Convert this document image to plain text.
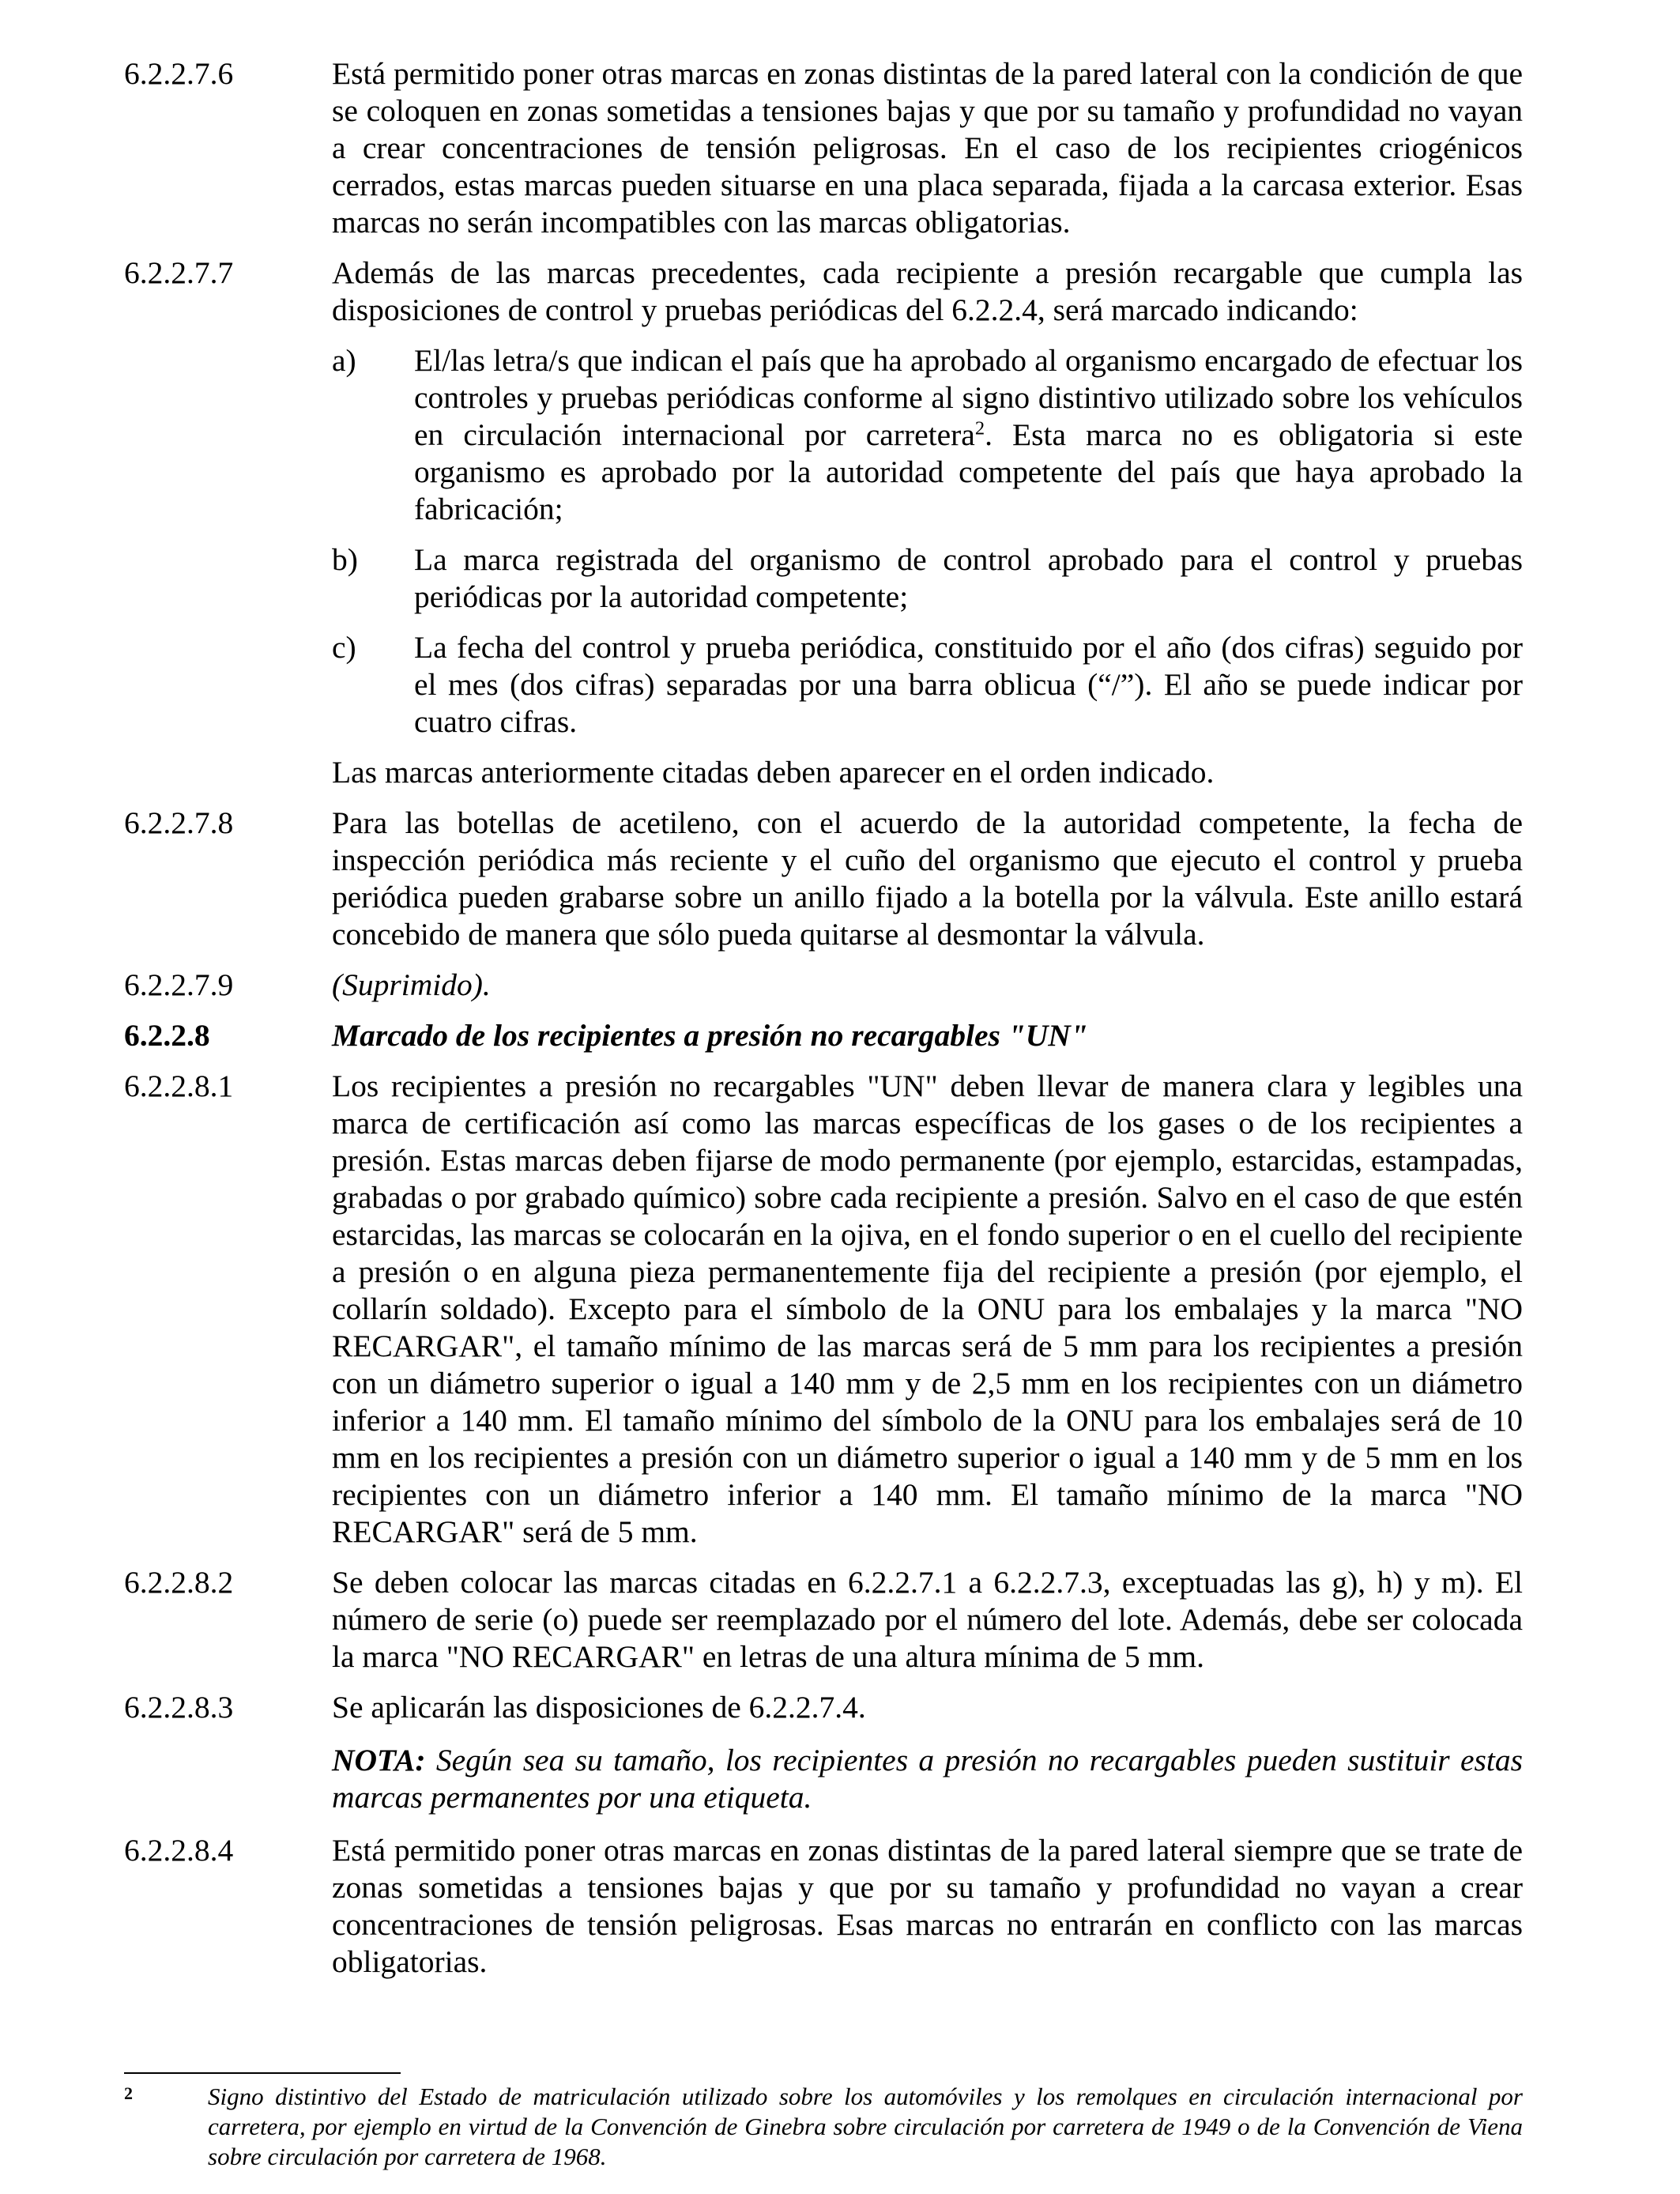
6.2.2.7.6	Está permitido poner otras marcas en zonas distintas de la pared lateral con la condición de que se coloquen en zonas sometidas a tensiones bajas y que por su tamaño y profundidad no vayan a crear concentraciones de tensión peligrosas. En el caso de los recipientes criogénicos cerrados, estas marcas pueden situarse en una placa separada, fijada a la carcasa exterior. Esas marcas no serán incompatibles con las marcas obligatorias.
6.2.2.7.7	Además de las marcas precedentes, cada recipiente a presión recargable que cumpla las disposiciones de control y pruebas periódicas del 6.2.2.4, será marcado indicando:
a)	El/las letra/s que indican el país que ha aprobado al organismo encargado de efectuar los controles y pruebas periódicas conforme al signo distintivo utilizado sobre los vehículos en circulación internacional por carretera$^2$. Esta marca no es obligatoria si este organismo es aprobado por la autoridad competente del país que haya aprobado la fabricación;
b)	La marca registrada del organismo de control aprobado para el control y pruebas periódicas por la autoridad competente;
c)	La fecha del control y prueba periódica, constituido por el año (dos cifras) seguido por el mes (dos cifras) separadas por una barra oblicua (“/”). El año se puede indicar por cuatro cifras.
Las marcas anteriormente citadas deben aparecer en el orden indicado.
6.2.2.7.8	Para las botellas de acetileno, con el acuerdo de la autoridad competente, la fecha de inspección periódica más reciente y el cuño del organismo que ejecuto el control y prueba periódica pueden grabarse sobre un anillo fijado a la botella por la válvula. Este anillo estará concebido de manera que sólo pueda quitarse al desmontar la válvula.
6.2.2.7.9	(Suprimido).
6.2.2.8	Marcado de los recipientes a presión no recargables "UN"
6.2.2.8.1	Los recipientes a presión no recargables "UN" deben llevar de manera clara y legibles una marca de certificación así como las marcas específicas de los gases o de los recipientes a presión. Estas marcas deben fijarse de modo permanente (por ejemplo, estarcidas, estampadas, grabadas o por grabado químico) sobre cada recipiente a presión. Salvo en el caso de que estén estarcidas, las marcas se colocarán en la ojiva, en el fondo superior o en el cuello del recipiente a presión o en alguna pieza permanentemente fija del recipiente a presión (por ejemplo, el collarín soldado). Excepto para el símbolo de la ONU para los embalajes y la marca "NO RECARGAR", el tamaño mínimo de las marcas será de 5 mm para los recipientes a presión con un diámetro superior o igual a 140 mm y de 2,5 mm en los recipientes con un diámetro inferior a 140 mm. El tamaño mínimo del símbolo de la ONU para los embalajes será de 10 mm en los recipientes a presión con un diámetro superior o igual a 140 mm y de 5 mm en los recipientes con un diámetro inferior a 140 mm. El tamaño mínimo de la marca "NO RECARGAR" será de 5 mm.
6.2.2.8.2	Se deben colocar las marcas citadas en 6.2.2.7.1 a 6.2.2.7.3, exceptuadas las g), h) y m). El número de serie (o) puede ser reemplazado por el número del lote. Además, debe ser colocada la marca "NO RECARGAR" en letras de una altura mínima de 5 mm.
6.2.2.8.3	Se aplicarán las disposiciones de 6.2.2.7.4.
NOTA: Según sea su tamaño, los recipientes a presión no recargables pueden sustituir estas marcas permanentes por una etiqueta.
6.2.2.8.4	Está permitido poner otras marcas en zonas distintas de la pared lateral siempre que se trate de zonas sometidas a tensiones bajas y que por su tamaño y profundidad no vayan a crear concentraciones de tensión peligrosas. Esas marcas no entrarán en conflicto con las marcas obligatorias.
2	Signo distintivo del Estado de matriculación utilizado sobre los automóviles y los remolques en circulación internacional por carretera, por ejemplo en virtud de la Convención de Ginebra sobre circulación por carretera de 1949 o de la Convención de Viena sobre circulación por carretera de 1968.
